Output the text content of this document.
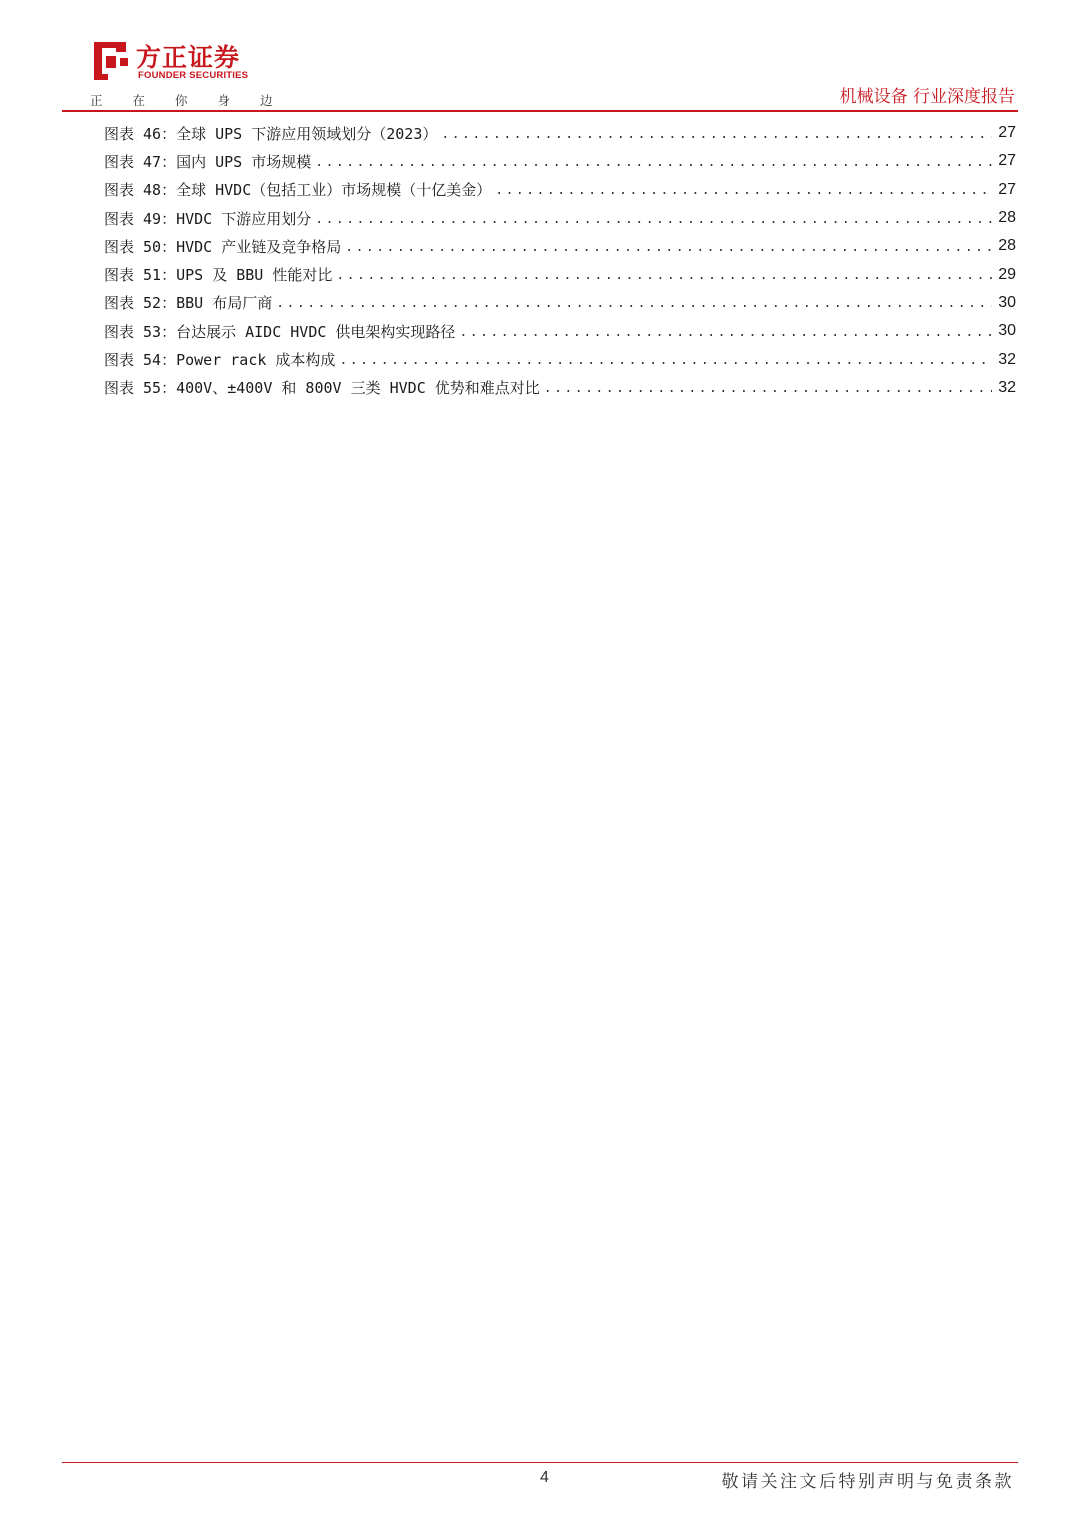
方正证券
FOUNDER SECURITIES
正在你身边	机械设备 行业深度报告
图表 46：全球 UPS 下游应用领域划分（2023） .....	27
图表 47：国内 UPS 市场规模 .....	27
图表 48：全球 HVDC（包括工业）市场规模（十亿美金） .....	27
图表 49：HVDC 下游应用划分 .....	28
图表 50：HVDC 产业链及竞争格局 .....	28
图表 51：UPS 及 BBU 性能对比 .....	29
图表 52：BBU 布局厂商 .....	30
图表 53：台达展示 AIDC HVDC 供电架构实现路径 .....	30
图表 54：Power rack 成本构成 .....	32
图表 55：400V、±400V 和 800V 三类 HVDC 优势和难点对比 .....	32
4	敬请关注文后特别声明与免责条款
